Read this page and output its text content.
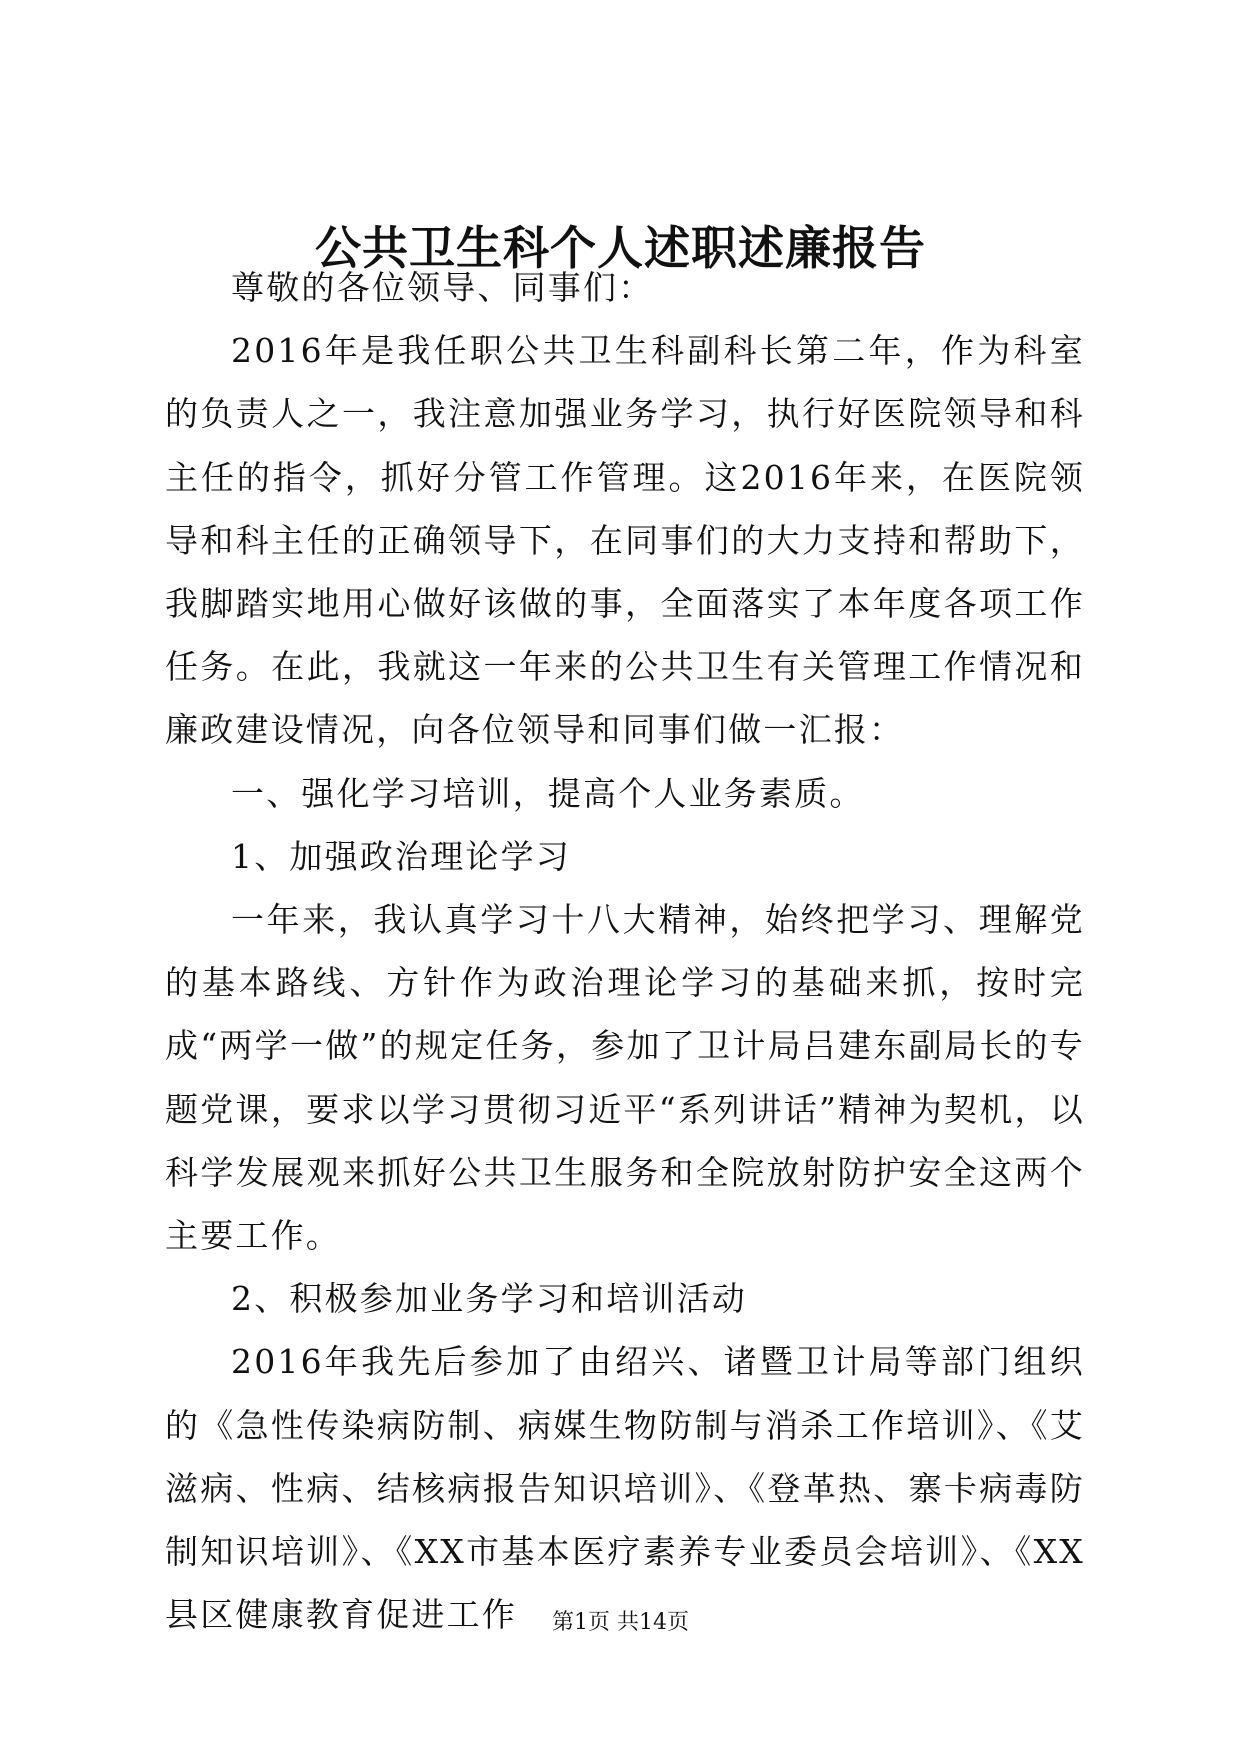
公共卫生科个人述职述廉报告

尊敬的各位领导、同事们：

2016年是我任职公共卫生科副科长第二年，作为科室的负责人之一，我注意加强业务学习，执行好医院领导和科主任的指令，抓好分管工作管理。这2016年来，在医院领导和科主任的正确领导下，在同事们的大力支持和帮助下，我脚踏实地用心做好该做的事，全面落实了本年度各项工作任务。在此，我就这一年来的公共卫生有关管理工作情况和廉政建设情况，向各位领导和同事们做一汇报：

一、强化学习培训，提高个人业务素质。

1、加强政治理论学习

一年来，我认真学习十八大精神，始终把学习、理解党的基本路线、方针作为政治理论学习的基础来抓，按时完成“两学一做”的规定任务，参加了卫计局吕建东副局长的专题党课，要求以学习贯彻习近平“系列讲话”精神为契机，以科学发展观来抓好公共卫生服务和全院放射防护安全这两个主要工作。

2、积极参加业务学习和培训活动

2016年我先后参加了由绍兴、诸暨卫计局等部门组织的《急性传染病防制、病媒生物防制与消杀工作培训》、《艾滋病、性病、结核病报告知识培训》、《登革热、寨卡病毒防制知识培训》、《XX市基本医疗素养专业委员会培训》、《XX县区健康教育促进工作	第1页 共14页
